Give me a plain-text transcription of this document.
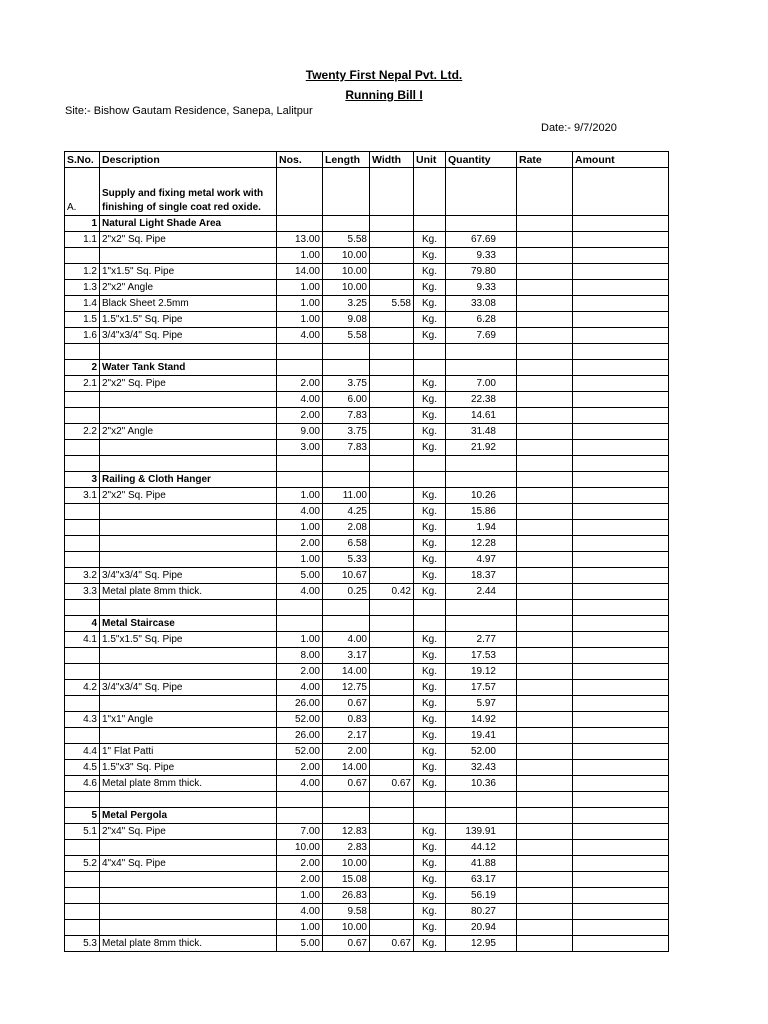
Twenty First Nepal Pvt. Ltd.
Running Bill I
Site:- Bishow Gautam Residence, Sanepa, Lalitpur
Date:- 9/7/2020
S.No.	Description	Nos.	Length	Width	Unit	Quantity	Rate	Amount
A.	Supply and fixing metal work with finishing of single coat red oxide.							
1	Natural Light Shade Area							
1.1	2"x2" Sq. Pipe	13.00	5.58		Kg.	67.69		
		1.00	10.00		Kg.	9.33		
1.2	1"x1.5" Sq. Pipe	14.00	10.00		Kg.	79.80		
1.3	2"x2" Angle	1.00	10.00		Kg.	9.33		
1.4	Black Sheet 2.5mm	1.00	3.25	5.58	Kg.	33.08		
1.5	1.5"x1.5" Sq. Pipe	1.00	9.08		Kg.	6.28		
1.6	3/4"x3/4" Sq. Pipe	4.00	5.58		Kg.	7.69		

2	Water Tank Stand							
2.1	2"x2" Sq. Pipe	2.00	3.75		Kg.	7.00		
		4.00	6.00		Kg.	22.38		
		2.00	7.83		Kg.	14.61		
2.2	2"x2" Angle	9.00	3.75		Kg.	31.48		
		3.00	7.83		Kg.	21.92		

3	Railing & Cloth Hanger							
3.1	2"x2" Sq. Pipe	1.00	11.00		Kg.	10.26		
		4.00	4.25		Kg.	15.86		
		1.00	2.08		Kg.	1.94		
		2.00	6.58		Kg.	12.28		
		1.00	5.33		Kg.	4.97		
3.2	3/4"x3/4" Sq. Pipe	5.00	10.67		Kg.	18.37		
3.3	Metal plate 8mm thick.	4.00	0.25	0.42	Kg.	2.44		

4	Metal Staircase							
4.1	1.5"x1.5" Sq. Pipe	1.00	4.00		Kg.	2.77		
		8.00	3.17		Kg.	17.53		
		2.00	14.00		Kg.	19.12		
4.2	3/4"x3/4" Sq. Pipe	4.00	12.75		Kg.	17.57		
		26.00	0.67		Kg.	5.97		
4.3	1"x1" Angle	52.00	0.83		Kg.	14.92		
		26.00	2.17		Kg.	19.41		
4.4	1" Flat Patti	52.00	2.00		Kg.	52.00		
4.5	1.5"x3" Sq. Pipe	2.00	14.00		Kg.	32.43		
4.6	Metal plate 8mm thick.	4.00	0.67	0.67	Kg.	10.36		

5	Metal Pergola							
5.1	2"x4" Sq. Pipe	7.00	12.83		Kg.	139.91		
		10.00	2.83		Kg.	44.12		
5.2	4"x4" Sq. Pipe	2.00	10.00		Kg.	41.88		
		2.00	15.08		Kg.	63.17		
		1.00	26.83		Kg.	56.19		
		4.00	9.58		Kg.	80.27		
		1.00	10.00		Kg.	20.94		
5.3	Metal plate 8mm thick.	5.00	0.67	0.67	Kg.	12.95		
